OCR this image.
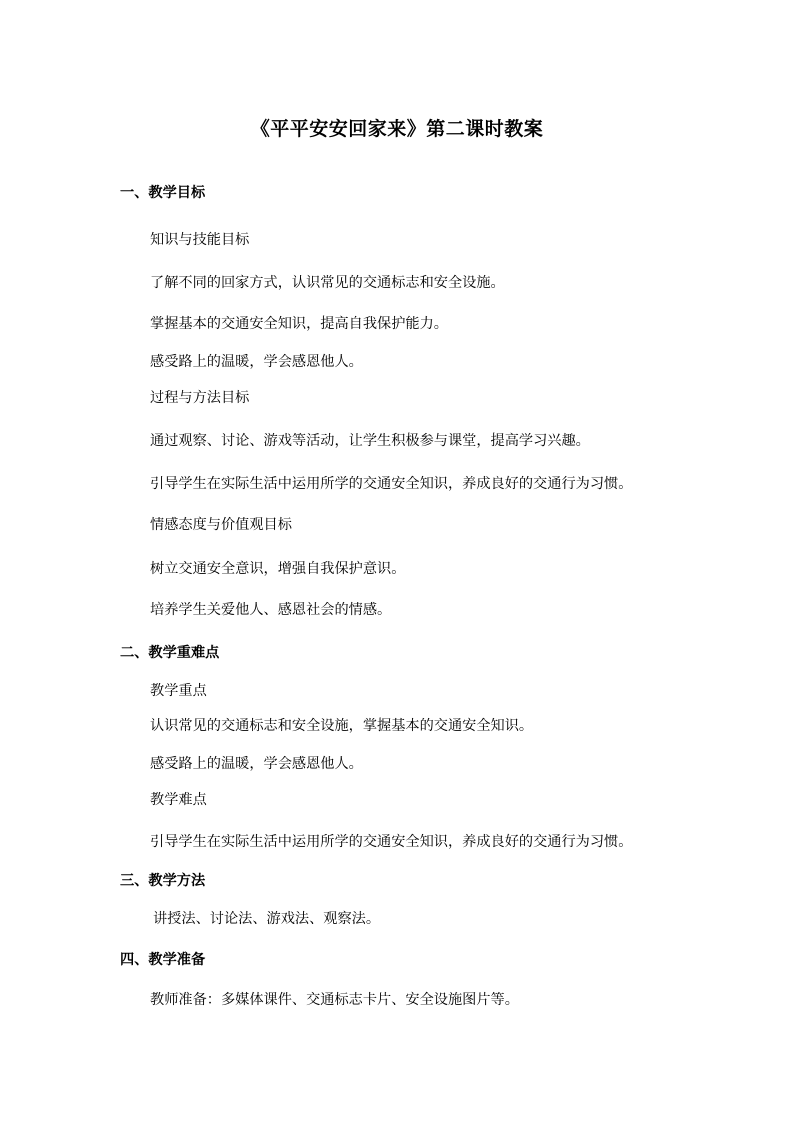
《平平安安回家来》第二课时教案
一、教学目标
知识与技能目标
了解不同的回家方式，认识常见的交通标志和安全设施。
掌握基本的交通安全知识，提高自我保护能力。
感受路上的温暖，学会感恩他人。
过程与方法目标
通过观察、讨论、游戏等活动，让学生积极参与课堂，提高学习兴趣。
引导学生在实际生活中运用所学的交通安全知识，养成良好的交通行为习惯。
情感态度与价值观目标
树立交通安全意识，增强自我保护意识。
培养学生关爱他人、感恩社会的情感。
二、教学重难点
教学重点
认识常见的交通标志和安全设施，掌握基本的交通安全知识。
感受路上的温暖，学会感恩他人。
教学难点
引导学生在实际生活中运用所学的交通安全知识，养成良好的交通行为习惯。
三、教学方法
讲授法、讨论法、游戏法、观察法。
四、教学准备
教师准备：多媒体课件、交通标志卡片、安全设施图片等。
